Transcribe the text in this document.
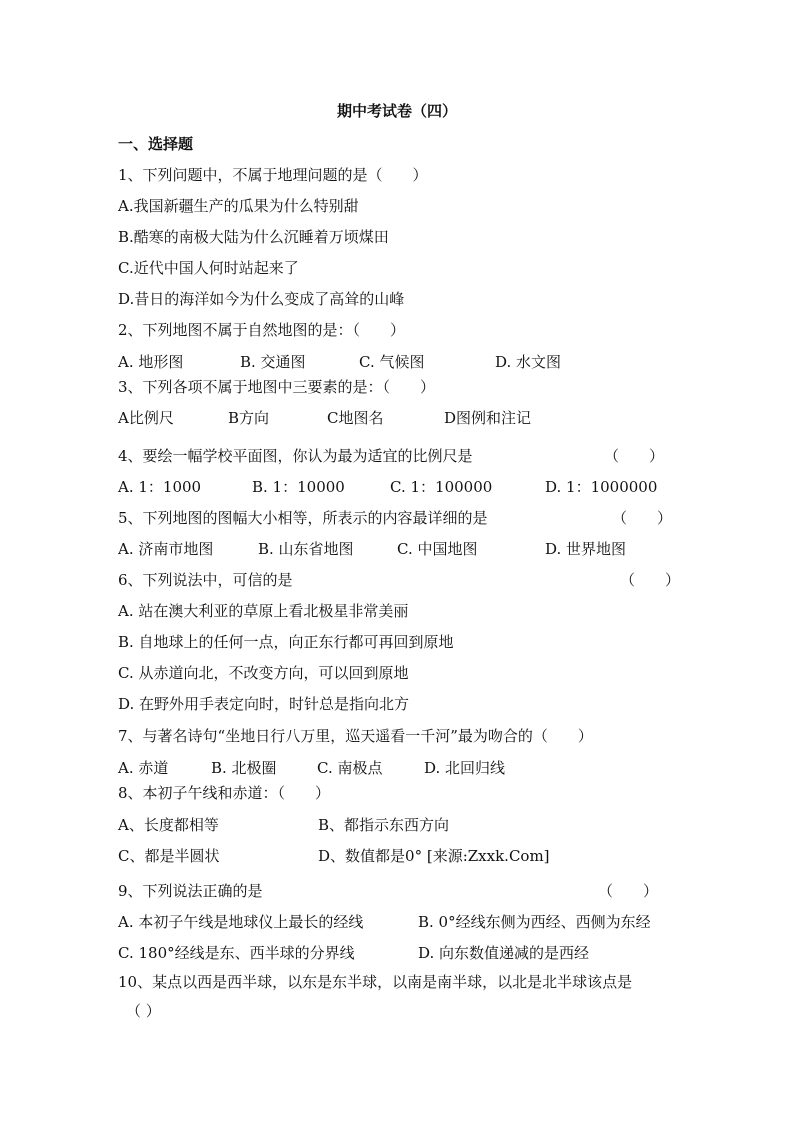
期中考试卷（四）
一、选择题
1、下列问题中，不属于地理问题的是（　　）
A.我国新疆生产的瓜果为什么特别甜
B.酷寒的南极大陆为什么沉睡着万顷煤田
C.近代中国人何时站起来了
D.昔日的海洋如今为什么变成了高耸的山峰
2、下列地图不属于自然地图的是：（　　）
A. 地形图	B. 交通图	C. 气候图	D. 水文图
3、下列各项不属于地图中三要素的是：（　　）
A比例尺	B方向	C地图名	D图例和注记
4、要绘一幅学校平面图，你认为最为适宜的比例尺是	（　　）
A. 1：1000	B. 1：10000	C. 1：100000	D. 1：1000000
5、下列地图的图幅大小相等，所表示的内容最详细的是	（　　）
A. 济南市地图	B. 山东省地图	C. 中国地图	D. 世界地图
6、下列说法中，可信的是	（　　）
A. 站在澳大利亚的草原上看北极星非常美丽
B. 自地球上的任何一点，向正东行都可再回到原地
C. 从赤道向北，不改变方向，可以回到原地
D. 在野外用手表定向时，时针总是指向北方
7、与著名诗句“坐地日行八万里，巡天遥看一千河”最为吻合的（　　）
A. 赤道	B. 北极圈	C. 南极点	D. 北回归线
8、本初子午线和赤道：（　　）
A、长度都相等	B、都指示东西方向
C、都是半圆状	D、数值都是0° [来源:Zxxk.Com]
9、下列说法正确的是	（　　）
A. 本初子午线是地球仪上最长的经线	B. 0°经线东侧为西经、西侧为东经
C. 180°经线是东、西半球的分界线	D. 向东数值递减的是西经
10、某点以西是西半球，以东是东半球，以南是南半球，以北是北半球该点是
（ ）
